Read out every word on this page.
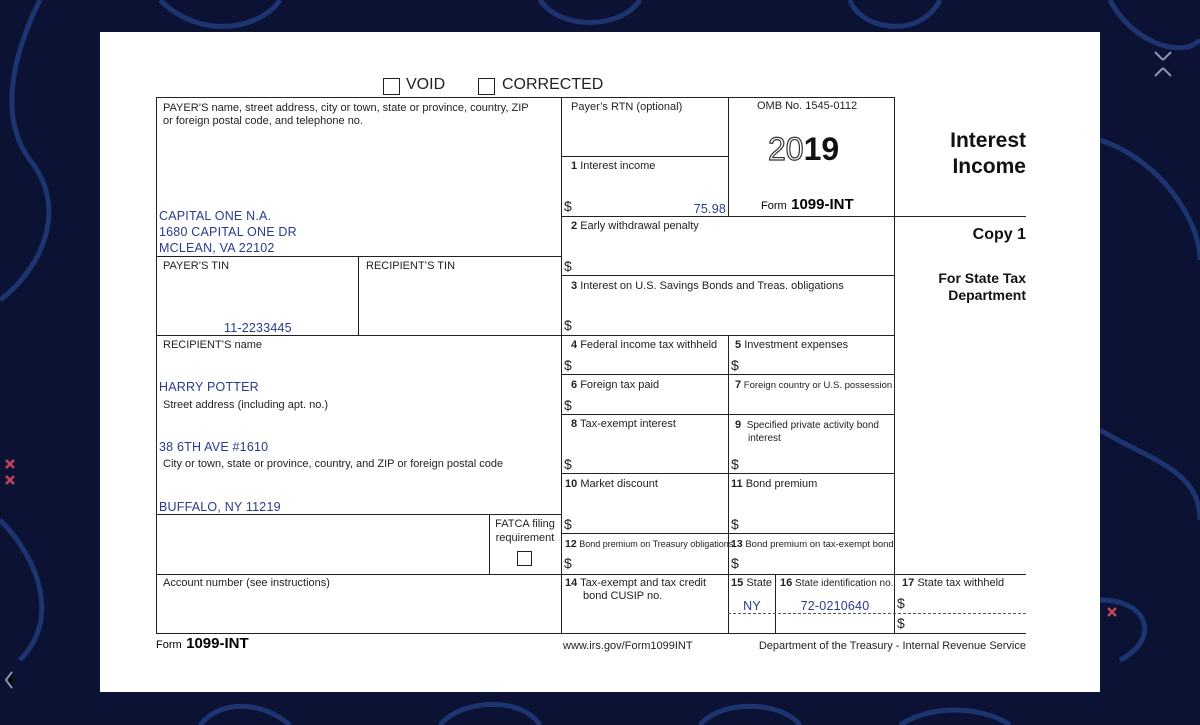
VOID	CORRECTED
PAYER’S name, street address, city or town, state or province, country, ZIP
or foreign postal code, and telephone no.
CAPITAL ONE N.A.
1680 CAPITAL ONE DR
MCLEAN, VA 22102
Payer’s RTN (optional)	OMB No. 1545-0112
2019
Form 1099-INT
Interest
Income
Copy 1
For State Tax
Department
1 Interest income
$	75.98
2 Early withdrawal penalty
$
PAYER’S TIN
11-2233445
RECIPIENT’S TIN
3 Interest on U.S. Savings Bonds and Treas. obligations
$
RECIPIENT’S name
HARRY POTTER
Street address (including apt. no.)
38 6TH AVE #1610
City or town, state or province, country, and ZIP or foreign postal code
BUFFALO, NY 11219
4 Federal income tax withheld
$
5 Investment expenses
$
6 Foreign tax paid
$
7 Foreign country or U.S. possession
8 Tax-exempt interest
$
9 Specified private activity bond
interest
$
10 Market discount
$
11 Bond premium
$
FATCA filing
requirement	12 Bond premium on Treasury obligations
$
13 Bond premium on tax-exempt bond
$
Account number (see instructions)	14 Tax-exempt and tax credit
bond CUSIP no.
15 State
NY
16 State identification no.
72-0210640
17 State tax withheld
$
$
Form 1099-INT	www.irs.gov/Form1099INT	Department of the Treasury - Internal Revenue Service
